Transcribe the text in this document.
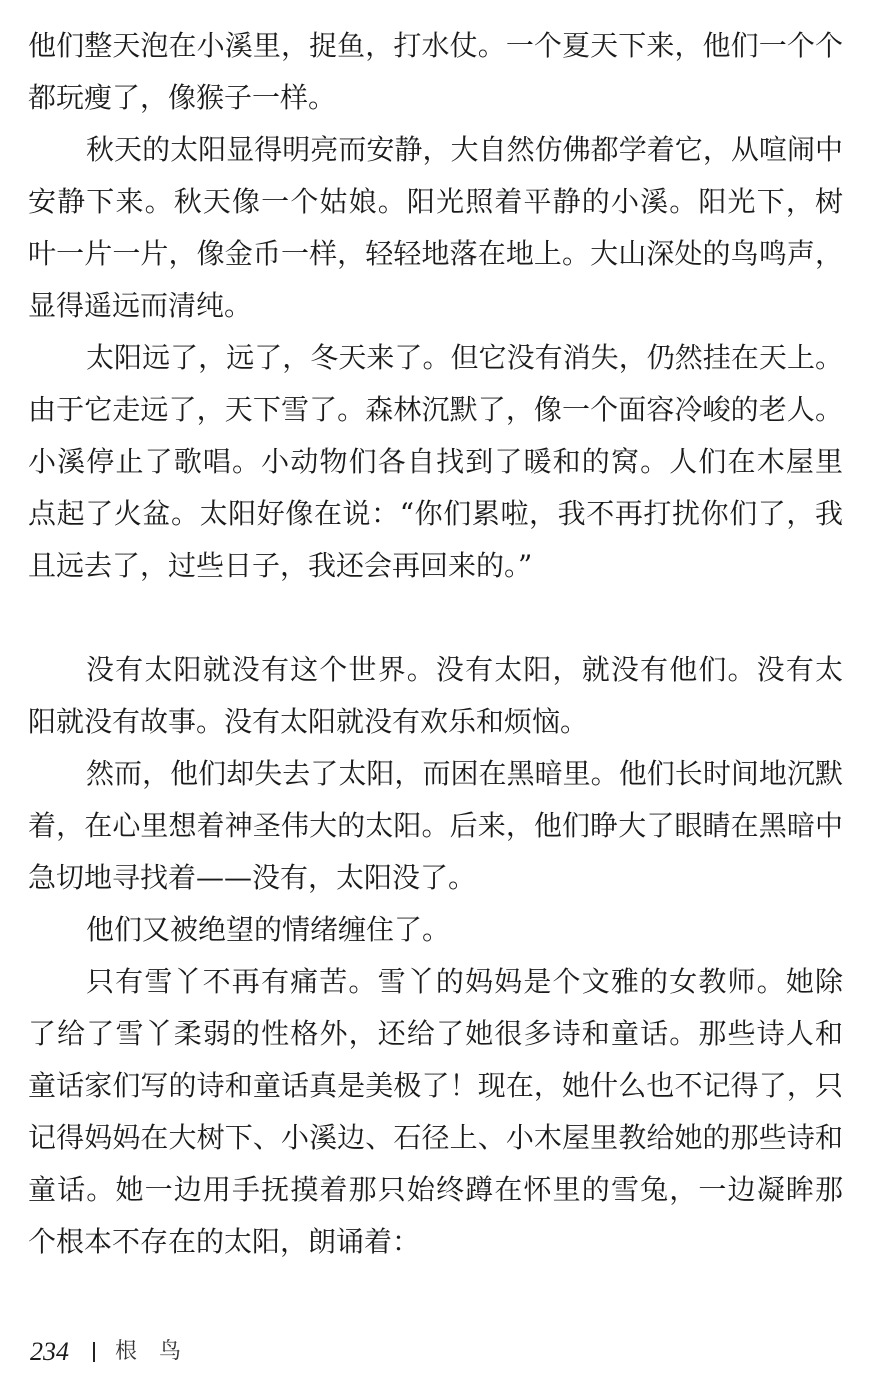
他们整天泡在小溪里，捉鱼，打水仗。一个夏天下来，他们一个个
都玩瘦了，像猴子一样。
秋天的太阳显得明亮而安静，大自然仿佛都学着它，从喧闹中
安静下来。秋天像一个姑娘。阳光照着平静的小溪。阳光下，树
叶一片一片，像金币一样，轻轻地落在地上。大山深处的鸟鸣声，
显得遥远而清纯。
太阳远了，远了，冬天来了。但它没有消失，仍然挂在天上。
由于它走远了，天下雪了。森林沉默了，像一个面容冷峻的老人。
小溪停止了歌唱。小动物们各自找到了暖和的窝。人们在木屋里
点起了火盆。太阳好像在说：“你们累啦，我不再打扰你们了，我
且远去了，过些日子，我还会再回来的。”
没有太阳就没有这个世界。没有太阳，就没有他们。没有太
阳就没有故事。没有太阳就没有欢乐和烦恼。
然而，他们却失去了太阳，而困在黑暗里。他们长时间地沉默
着，在心里想着神圣伟大的太阳。后来，他们睁大了眼睛在黑暗中
急切地寻找着——没有，太阳没了。
他们又被绝望的情绪缠住了。
只有雪丫不再有痛苦。雪丫的妈妈是个文雅的女教师。她除
了给了雪丫柔弱的性格外，还给了她很多诗和童话。那些诗人和
童话家们写的诗和童话真是美极了！现在，她什么也不记得了，只
记得妈妈在大树下、小溪边、石径上、小木屋里教给她的那些诗和
童话。她一边用手抚摸着那只始终蹲在怀里的雪兔，一边凝眸那
个根本不存在的太阳，朗诵着：
234 根鸟
